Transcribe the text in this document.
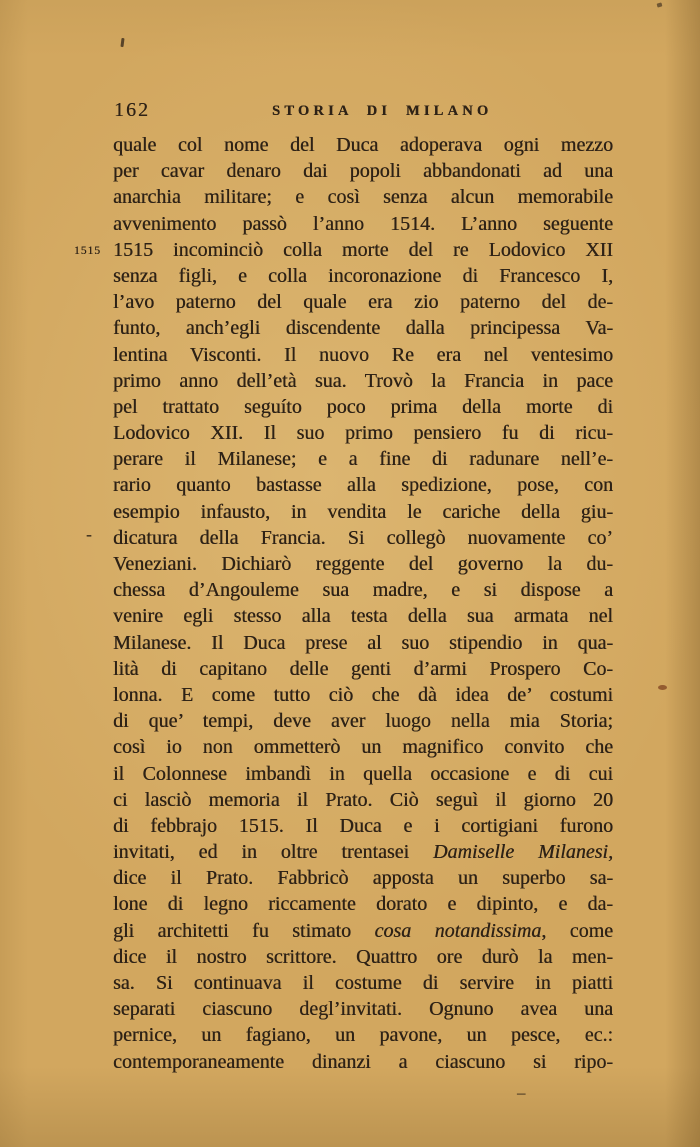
162	STORIA DI MILANO
1515
-
quale col nome del Duca adoperava ogni mezzo
per cavar denaro dai popoli abbandonati ad una
anarchia militare; e così senza alcun memorabile
avvenimento passò l’anno 1514. L’anno seguente
1515 incominciò colla morte del re Lodovico XII
senza figli, e colla incoronazione di Francesco I,
l’avo paterno del quale era zio paterno del de-
funto, anch’egli discendente dalla principessa Va-
lentina Visconti. Il nuovo Re era nel ventesimo
primo anno dell’età sua. Trovò la Francia in pace
pel trattato seguíto poco prima della morte di
Lodovico XII. Il suo primo pensiero fu di ricu-
perare il Milanese; e a fine di radunare nell’e-
rario quanto bastasse alla spedizione, pose, con
esempio infausto, in vendita le cariche della giu-
dicatura della Francia. Si collegò nuovamente co’
Veneziani. Dichiarò reggente del governo la du-
chessa d’Angouleme sua madre, e si dispose a
venire egli stesso alla testa della sua armata nel
Milanese. Il Duca prese al suo stipendio in qua-
lità di capitano delle genti d’armi Prospero Co-
lonna. E come tutto ciò che dà idea de’ costumi
di que’ tempi, deve aver luogo nella mia Storia;
così io non ommetterò un magnifico convito che
il Colonnese imbandì in quella occasione e di cui
ci lasciò memoria il Prato. Ciò seguì il giorno 20
di febbrajo 1515. Il Duca e i cortigiani furono
invitati, ed in oltre trentasei Damiselle Milanesi,
dice il Prato. Fabbricò apposta un superbo sa-
lone di legno riccamente dorato e dipinto, e da-
gli architetti fu stimato cosa notandissima, come
dice il nostro scrittore. Quattro ore durò la men-
sa. Si continuava il costume di servire in piatti
separati ciascuno degl’invitati. Ognuno avea una
pernice, un fagiano, un pavone, un pesce, ec.:
contemporaneamente dinanzi a ciascuno si ripo-
–
